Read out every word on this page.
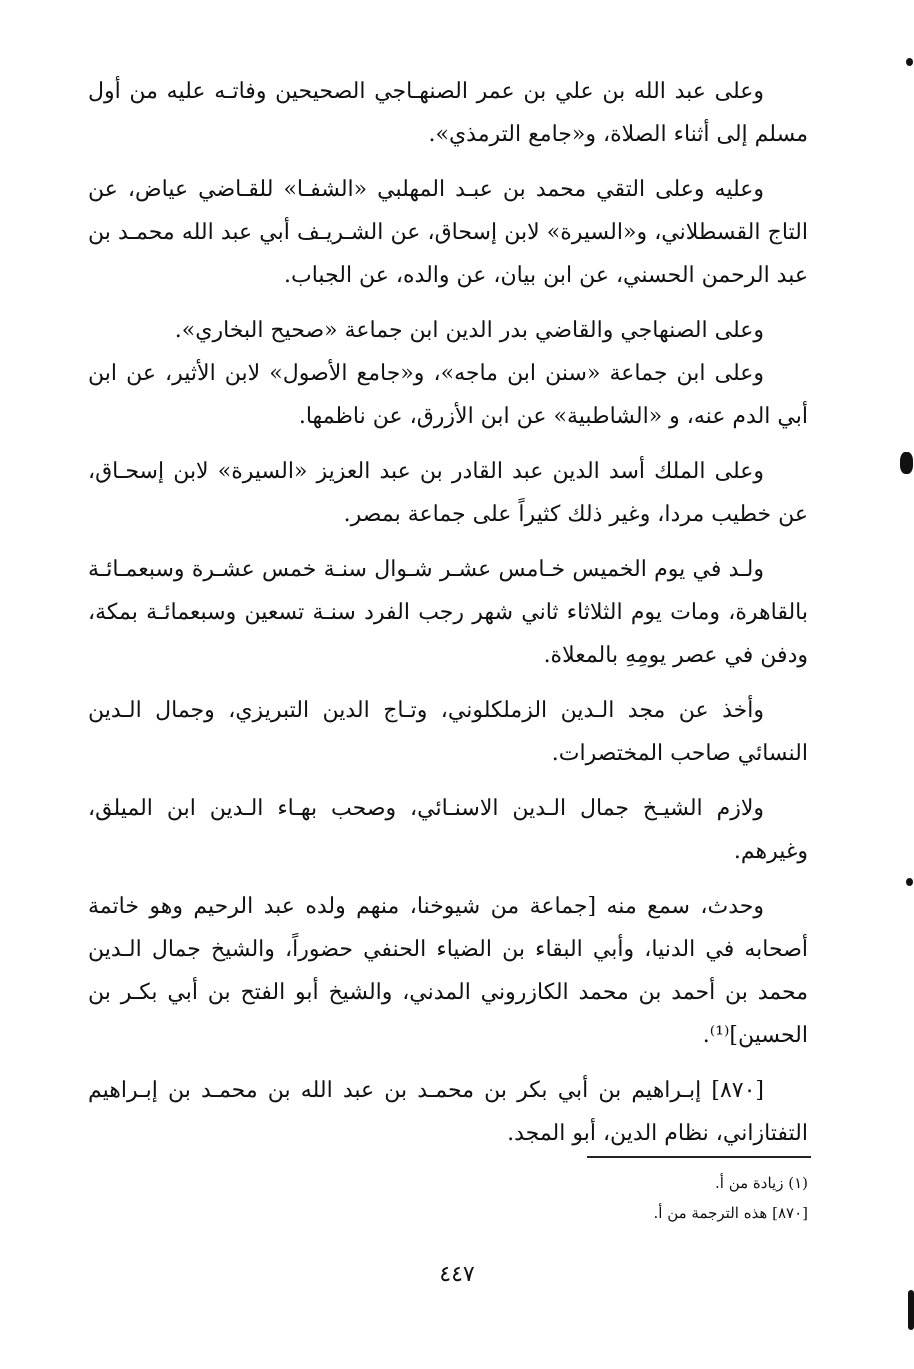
وعلى عبد الله بن علي بن عمر الصنهـاجي الصحيحين وفاتـه عليه من أول مسلم إلى أثناء الصلاة، و«جامع الترمذي».

وعليه وعلى التقي محمد بن عبـد المهلبي «الشفـا» للقـاضي عياض، عن التاج القسطلاني، و«السيرة» لابن إسحاق، عن الشـريـف أبي عبد الله محمـد بن عبد الرحمن الحسني، عن ابن بيان، عن والده، عن الجباب.

وعلى الصنهاجي والقاضي بدر الدين ابن جماعة «صحيح البخاري».

وعلى ابن جماعة «سنن ابن ماجه»، و«جامع الأصول» لابن الأثير، عن ابن أبي الدم عنه، و «الشاطبية» عن ابن الأزرق، عن ناظمها.

وعلى الملك أسد الدين عبد القادر بن عبد العزيز «السيرة» لابن إسحـاق، عن خطيب مردا، وغير ذلك كثيراً على جماعة بمصر.

ولـد في يوم الخميس خـامس عشـر شـوال سنـة خمس عشـرة وسبعمـائـة بالقاهرة، ومات يوم الثلاثاء ثاني شهر رجب الفرد سنـة تسعين وسبعمائـة بمكة، ودفن في عصر يومِهِ بالمعلاة.

وأخذ عن مجد الـدين الزملكلوني، وتـاج الدين التبريزي، وجمال الـدين النسائي صاحب المختصرات.

ولازم الشيـخ جمال الـدين الاسنـائي، وصحب بهـاء الـدين ابن الميلق، وغيرهم.

وحدث، سمع منه [جماعة من شيوخنا، منهم ولده عبد الرحيم وهو خاتمة أصحابه في الدنيا، وأبي البقاء بن الضياء الحنفي حضوراً، والشيخ جمال الـدين محمد بن أحمد بن محمد الكازروني المدني، والشيخ أبو الفتح بن أبي بكـر بن الحسين]⁽¹⁾.

[٨٧٠] إبـراهيم بن أبي بكر بن محمـد بن عبد الله بن محمـد بن إبـراهيم التفتازاني، نظام الدين، أبو المجد.

(١) زيادة من أ.

[٨٧٠] هذه الترجمة من أ.

٤٤٧
